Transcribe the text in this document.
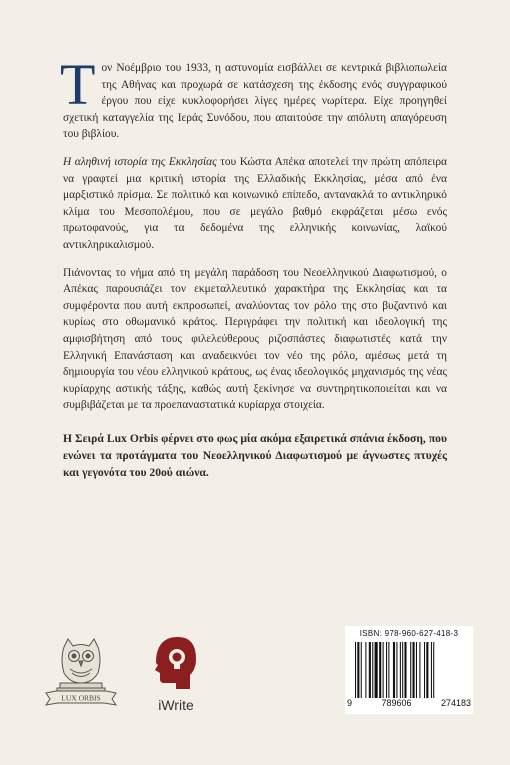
Τον Νοέμβριο του 1933, η αστυνομία εισβάλλει σε κεντρικά βιβλιοπωλεία της Αθήνας και προχωρά σε κατάσχεση της έκδοσης ενός συγγραφικού έργου που είχε κυκλοφορήσει λίγες ημέρες νωρίτερα. Είχε προηγηθεί σχετική καταγγελία της Ιεράς Συνόδου, που απαιτούσε την απόλυτη απαγόρευση του βιβλίου.

Η αληθινή ιστορία της Εκκλησίας του Κώστα Απέκα αποτελεί την πρώτη απόπειρα να γραφτεί μια κριτική ιστορία της Ελλαδικής Εκκλησίας, μέσα από ένα μαρξιστικό πρίσμα. Σε πολιτικό και κοινωνικό επίπεδο, αντανακλά το αντικληρικό κλίμα του Μεσοπολέμου, που σε μεγάλο βαθμό εκφράζεται μέσω ενός πρωτοφανούς, για τα δεδομένα της ελληνικής κοινωνίας, λαϊκού αντικληρικαλισμού.

Πιάνοντας το νήμα από τη μεγάλη παράδοση του Νεοελληνικού Διαφωτισμού, ο Απέκας παρουσιάζει τον εκμεταλλευτικό χαρακτήρα της Εκκλησίας και τα συμφέροντα που αυτή εκπροσωπεί, αναλύοντας τον ρόλο της στο βυζαντινό και κυρίως στο οθωμανικό κράτος. Περιγράφει την πολιτική και ιδεολογική της αμφισβήτηση από τους φιλελεύθερους ριζοσπάστες διαφωτιστές κατά την Ελληνική Επανάσταση και αναδεικνύει τον νέο της ρόλο, αμέσως μετά τη δημιουργία του νέου ελληνικού κράτους, ως ένας ιδεολογικός μηχανισμός της νέας κυρίαρχης αστικής τάξης, καθώς αυτή ξεκίνησε να συντηρητικοποιείται και να συμβιβάζεται με τα προεπαναστατικά κυρίαρχα στοιχεία.

Η Σειρά Lux Orbis φέρνει στο φως μία ακόμα εξαιρετικά σπάνια έκδοση, που ενώνει τα προτάγματα του Νεοελληνικού Διαφωτισμού με άγνωστες πτυχές και γεγονότα του 20ού αιώνα.

LUX ORBIS	iWrite
ISBN: 978-960-627-418-3
9	789606	274183
